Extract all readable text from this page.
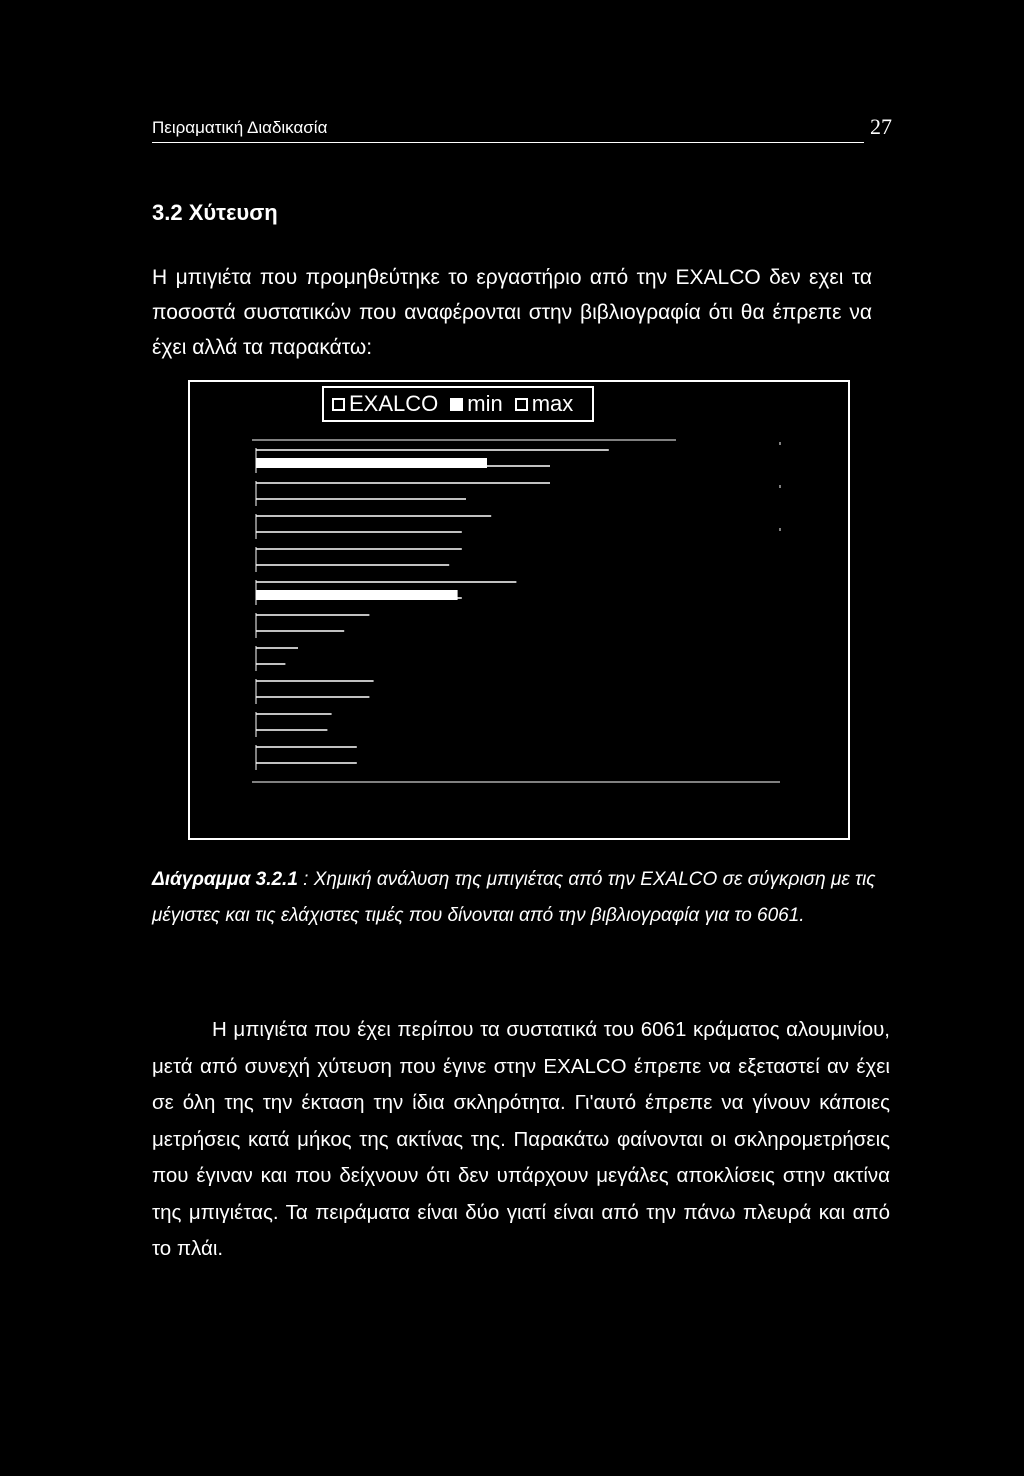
Πειραματική Διαδικασία	27
3.2 Χύτευση
Η μπιγιέτα που προμηθεύτηκε το εργαστήριο από την EXALCO δεν εχει τα ποσοστά συστατικών που αναφέρονται στην βιβλιογραφία ότι θα έπρεπε να έχει αλλά τα παρακάτω:
EXALCO min max
Διάγραμμα 3.2.1 : Χημική ανάλυση της μπιγιέτας από την EXALCO σε σύγκριση με τις μέγιστες και τις ελάχιστες τιμές που δίνονται από την βιβλιογραφία για το 6061.
Η μπιγιέτα που έχει περίπου τα συστατικά του 6061 κράματος αλουμινίου, μετά από συνεχή χύτευση που έγινε στην EXALCO έπρεπε να εξεταστεί αν έχει σε όλη της την έκταση την ίδια σκληρότητα. Γι'αυτό έπρεπε να γίνουν κάποιες μετρήσεις κατά μήκος της ακτίνας της. Παρακάτω φαίνονται οι σκληρομετρήσεις που έγιναν και που δείχνουν ότι δεν υπάρχουν μεγάλες αποκλίσεις στην ακτίνα της μπιγιέτας. Τα πειράματα είναι δύο γιατί είναι από την πάνω πλευρά και από το πλάι.
